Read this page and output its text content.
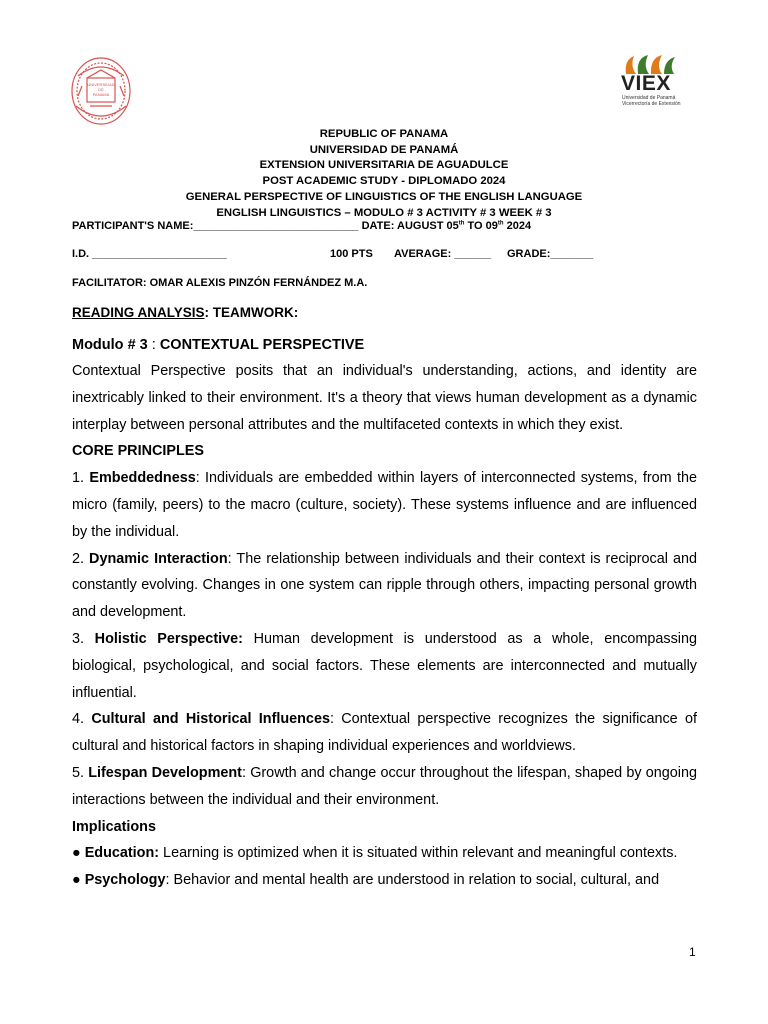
UNIVERSIDAD
DE
PANAMÁ	VIEX
Universidad de Panamá
Vicerrectoría de Extensión
REPUBLIC OF PANAMA
UNIVERSIDAD DE PANAMÁ
EXTENSION UNIVERSITARIA DE AGUADULCE
POST ACADEMIC STUDY - DIPLOMADO 2024
GENERAL PERSPECTIVE OF LINGUISTICS OF THE ENGLISH LANGUAGE
ENGLISH LINGUISTICS – MODULO # 3 ACTIVITY # 3 WEEK # 3
PARTICIPANT'S NAME:___________________________ DATE: AUGUST 05th TO 09th 2024
I.D. ______________________	100 PTS AVERAGE: ______ GRADE:_______
FACILITATOR: OMAR ALEXIS PINZÓN FERNÁNDEZ M.A.
READING ANALYSIS: TEAMWORK:
Modulo # 3 : CONTEXTUAL PERSPECTIVE

Contextual Perspective posits that an individual's understanding, actions, and identity are inextricably linked to their environment. It's a theory that views human development as a dynamic interplay between personal attributes and the multifaceted contexts in which they exist.

CORE PRINCIPLES

1. Embeddedness: Individuals are embedded within layers of interconnected systems, from the micro (family, peers) to the macro (culture, society). These systems influence and are influenced by the individual.

2. Dynamic Interaction: The relationship between individuals and their context is reciprocal and constantly evolving. Changes in one system can ripple through others, impacting personal growth and development.

3. Holistic Perspective: Human development is understood as a whole, encompassing biological, psychological, and social factors. These elements are interconnected and mutually influential.

4. Cultural and Historical Influences: Contextual perspective recognizes the significance of cultural and historical factors in shaping individual experiences and worldviews.

5. Lifespan Development: Growth and change occur throughout the lifespan, shaped by ongoing interactions between the individual and their environment.

Implications

● Education: Learning is optimized when it is situated within relevant and meaningful contexts.

● Psychology: Behavior and mental health are understood in relation to social, cultural, and

1
